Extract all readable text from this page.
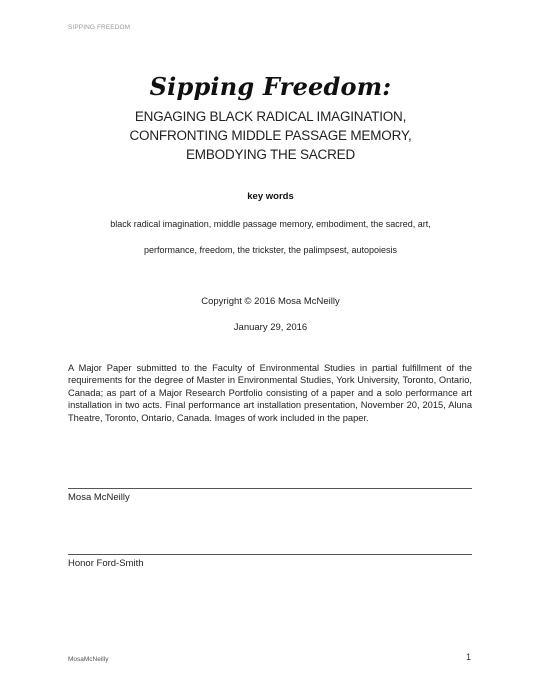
SIPPING FREEDOM
Sipping Freedom:
ENGAGING BLACK RADICAL IMAGINATION,
CONFRONTING MIDDLE PASSAGE MEMORY,
EMBODYING THE SACRED
key words
black radical imagination, middle passage memory, embodiment, the sacred, art,
performance, freedom, the trickster, the palimpsest, autopoiesis
Copyright © 2016 Mosa McNeilly
January 29, 2016

A Major Paper submitted to the Faculty of Environmental Studies in partial fulfillment of the requirements for the degree of Master in Environmental Studies, York University, Toronto, Ontario, Canada; as part of a Major Research Portfolio consisting of a paper and a solo performance art installation in two acts. Final performance art installation presentation, November 20, 2015, Aluna Theatre, Toronto, Ontario, Canada. Images of work included in the paper.

Mosa McNeilly
Honor Ford-Smith
MosaMcNeilly	1
